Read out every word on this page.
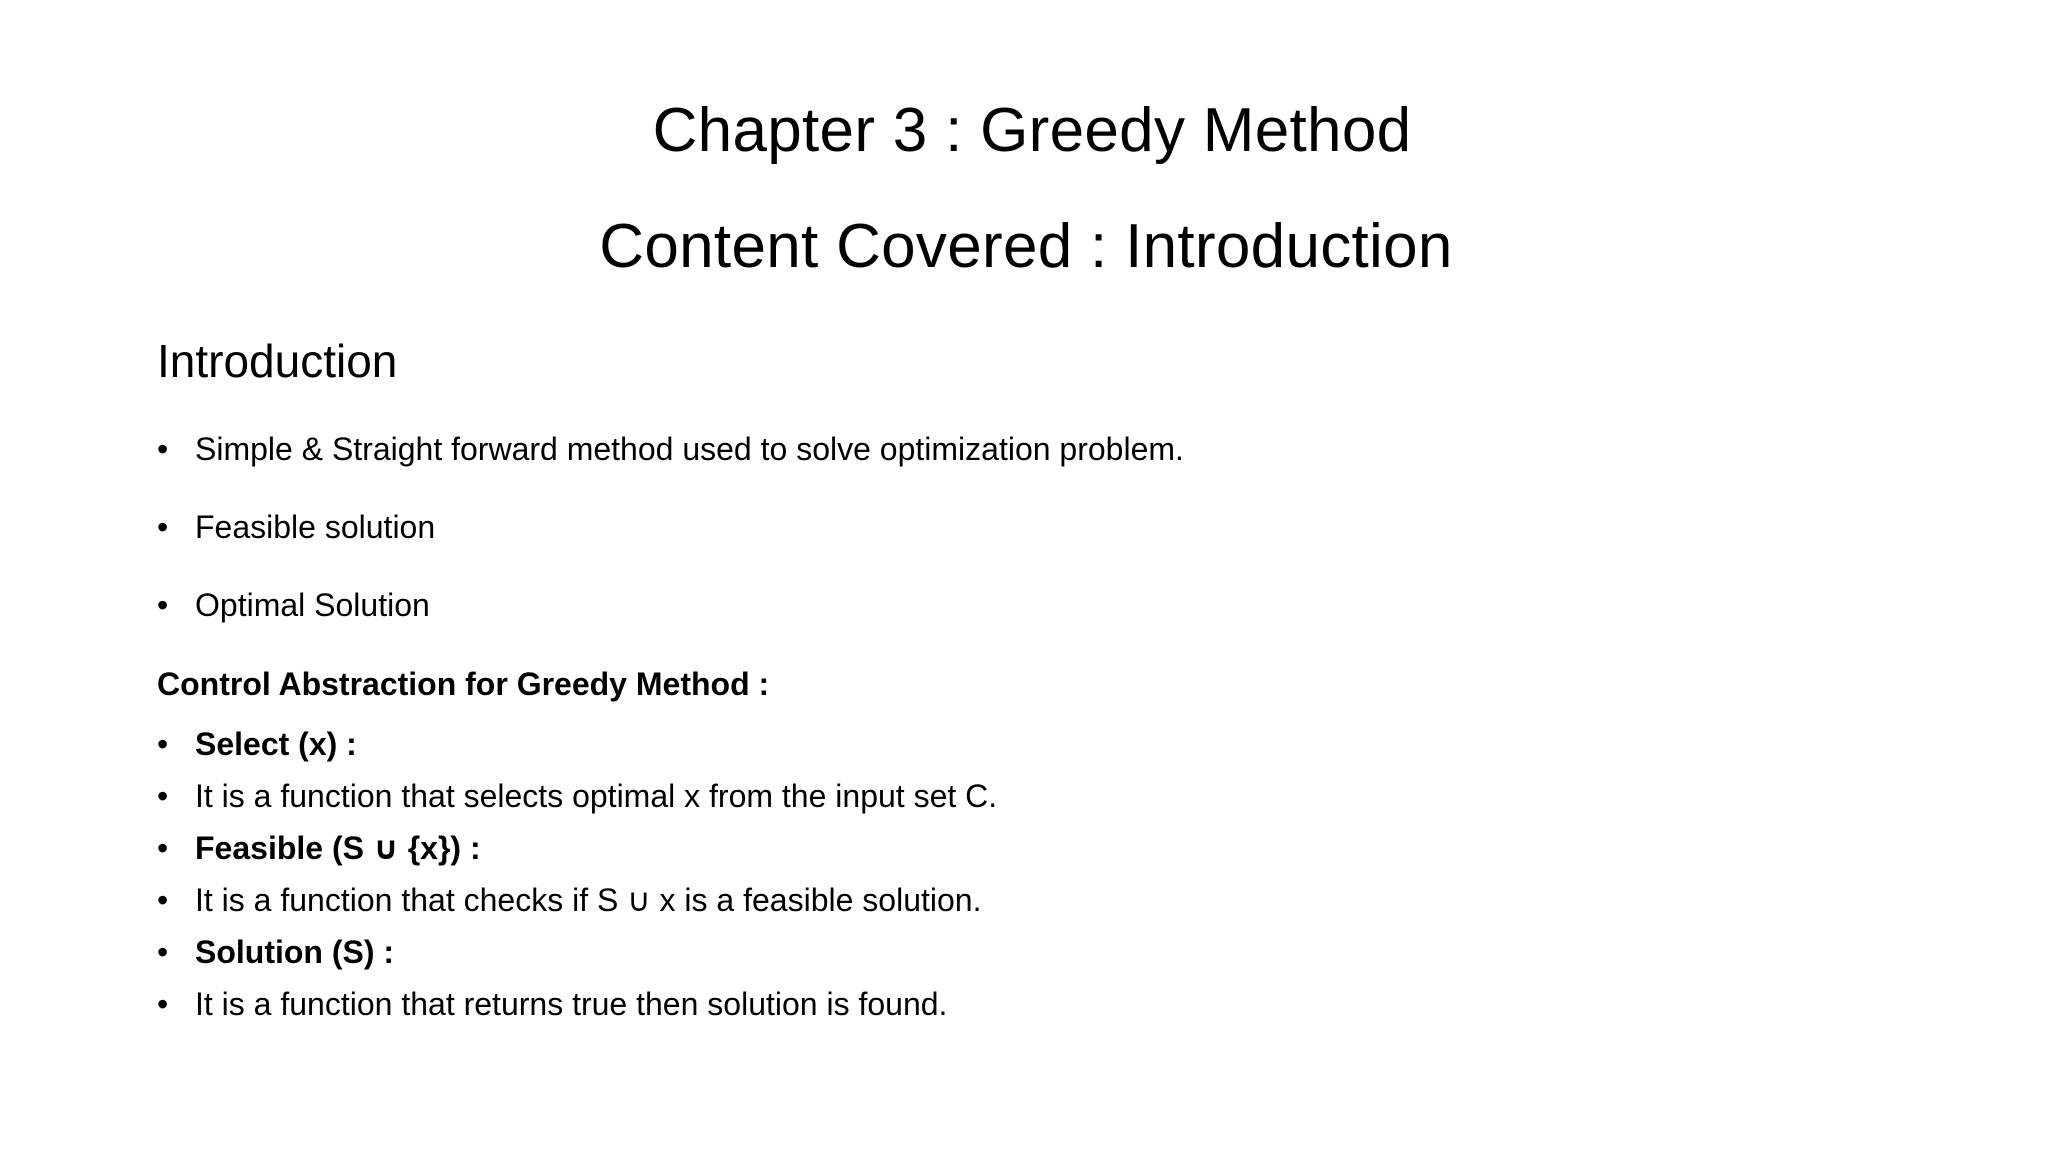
Chapter 3 : Greedy Method
Content Covered : Introduction
Introduction
• Simple & Straight forward method used to solve optimization problem.
• Feasible solution
• Optimal Solution
Control Abstraction for Greedy Method :
• Select (x) :
• It is a function that selects optimal x from the input set C.
• Feasible (S ∪ {x}) :
• It is a function that checks if S ∪ x is a feasible solution.
• Solution (S) :
• It is a function that returns true then solution is found.
